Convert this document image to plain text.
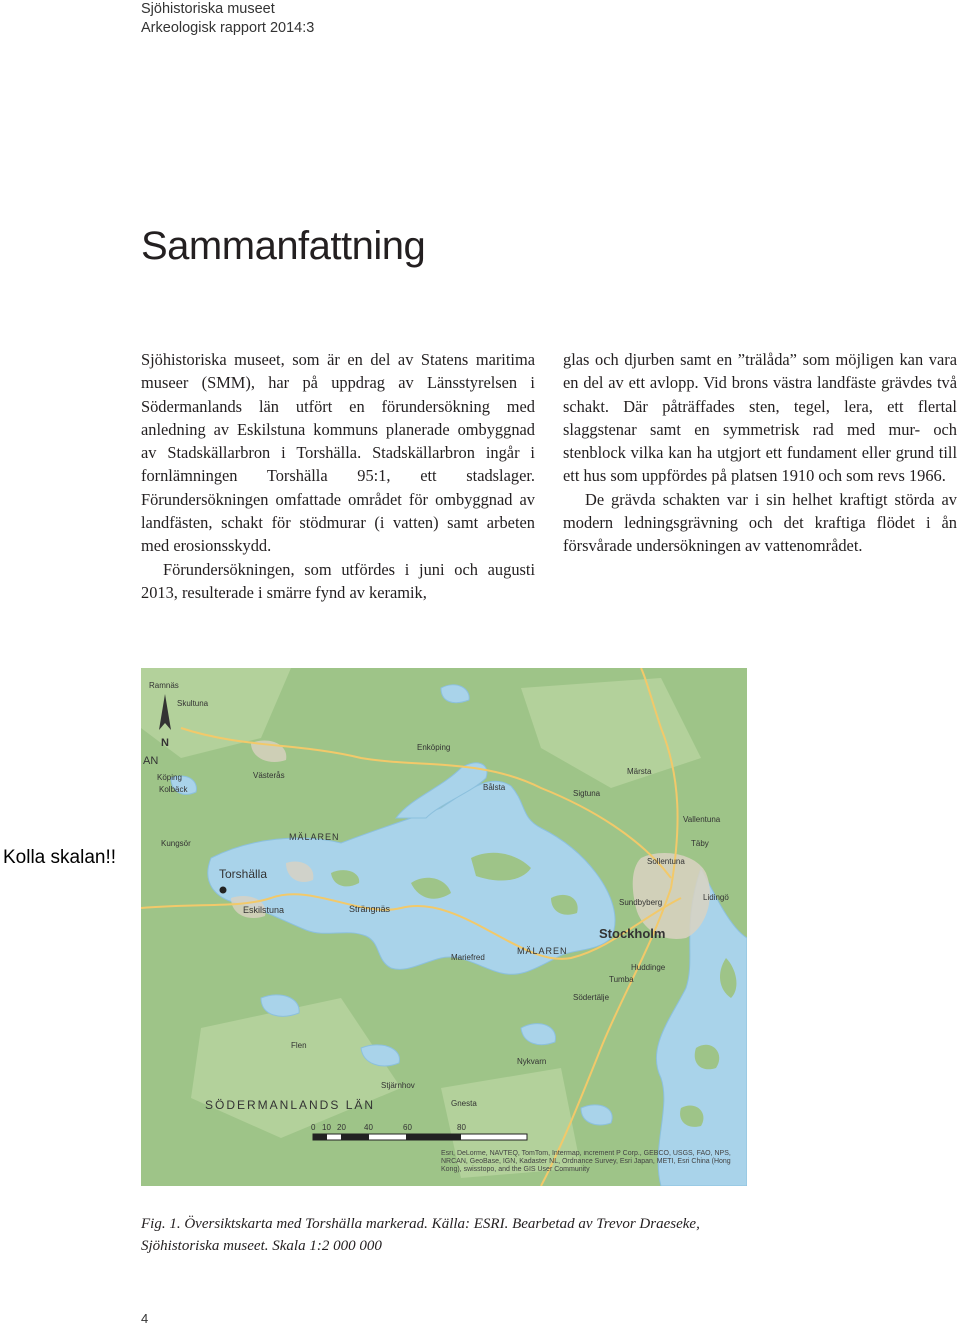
Sjöhistoriska museet
Arkeologisk rapport 2014:3
Sammanfattning

Sjöhistoriska museet, som är en del av Statens maritima museer (SMM), har på uppdrag av Länsstyrelsen i Södermanlands län utfört en förundersökning med anledning av Eskilstuna kommuns planerade ombyggnad av Stadskällarbron i Torshälla. Stadskällarbron ingår i fornlämningen Torshälla 95:1, ett stadslager. Förundersökningen omfattade området för ombyggnad av landfästen, schakt för stödmurar (i vatten) samt arbeten med erosionsskydd.

Förundersökningen, som utfördes i juni och augusti 2013, resulterade i smärre fynd av keramik,

glas och djurben samt en ”trälåda” som möjligen kan vara en del av ett avlopp. Vid brons västra landfäste grävdes två schakt. Där påträffades sten, tegel, lera, ett flertal slaggstenar samt en symmetrisk rad med mur- och stenblock vilka kan ha utgjort ett fundament eller grund till ett hus som uppfördes på platsen 1910 och som revs 1966.

De grävda schakten var i sin helhet kraftigt störda av modern ledningsgrävning och det kraftiga flödet i ån försvårade undersökningen av vattenområdet.

Kolla skalan!!
Torshälla
Eskilstuna	Strängnäs
Stockholm
Sundbyberg
Sollentuna
Täby
Märsta
Sigtuna
Enköping
Bålsta
Vallentuna
Mariefred
Södertälje
Tumba
Kungsör
Köping	Västerås
Flen
Gnesta
MÄLAREN
MÄLAREN
SÖDERMANLANDS LÄN
AN
Ramnäs
Skultuna
Kolbäck
Nykvarn
Lidingö
Huddinge
Stjärnhov
N
0 10 20 40	60	80
Esri, DeLorme, NAVTEQ, TomTom, Intermap, increment P Corp., GEBCO, USGS, FAO, NPS, NRCAN, GeoBase, IGN, Kadaster NL, Ordnance Survey, Esri Japan, METI, Esri China (Hong Kong), swisstopo, and the GIS User Community
Fig. 1. Översiktskarta med Torshälla markerad. Källa: ESRI. Bearbetad av Trevor Draeseke, Sjöhistoriska museet. Skala 1:2 000 000
4
